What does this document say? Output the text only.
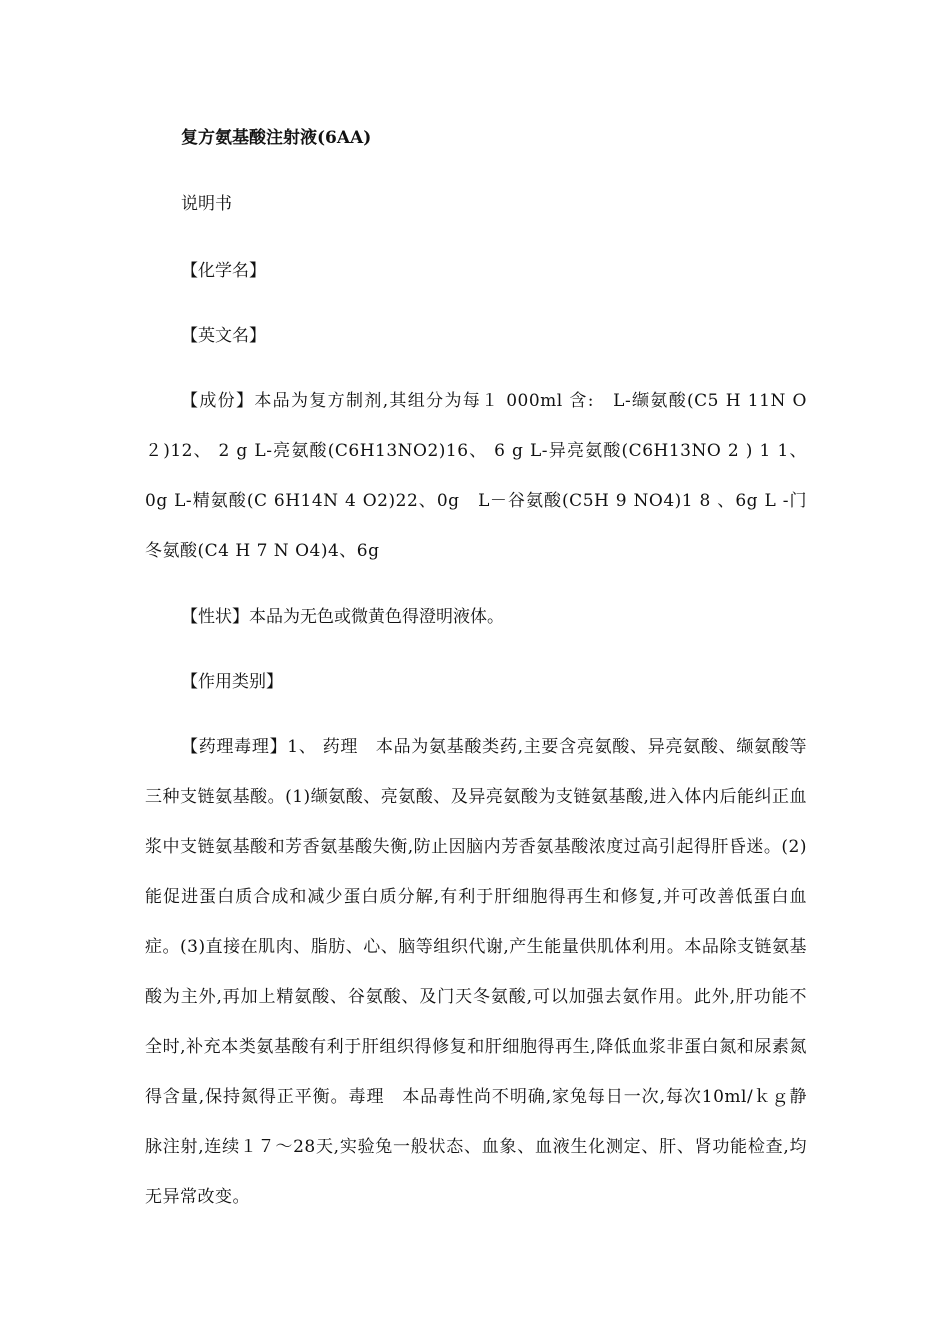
复方氨基酸注射液(6AA)
说明书
【化学名】
【英文名】
【成份】本品为复方制剂,其组分为每１ 000ml 含:　L-缬氨酸(C5 H 11N O２)12、 2 g L-亮氨酸(C6H13NO2)16、 6 g L-异亮氨酸(C6H13NO 2 ) 1 1、0g L-精氨酸(C 6H14N 4 O2)22、0g　L－谷氨酸(C5H 9 NO4)1 8 、6g L -门冬氨酸(C4 H 7 N O4)4、6g
【性状】本品为无色或微黄色得澄明液体。
【作用类别】
【药理毒理】1、 药理　本品为氨基酸类药,主要含亮氨酸、异亮氨酸、缬氨酸等三种支链氨基酸。(1)缬氨酸、亮氨酸、及异亮氨酸为支链氨基酸,进入体内后能纠正血浆中支链氨基酸和芳香氨基酸失衡,防止因脑内芳香氨基酸浓度过高引起得肝昏迷。(2)能促进蛋白质合成和减少蛋白质分解,有利于肝细胞得再生和修复,并可改善低蛋白血症。(3)直接在肌肉、脂肪、心、脑等组织代谢,产生能量供肌体利用。本品除支链氨基酸为主外,再加上精氨酸、谷氨酸、及门天冬氨酸,可以加强去氨作用。此外,肝功能不全时,补充本类氨基酸有利于肝组织得修复和肝细胞得再生,降低血浆非蛋白氮和尿素氮得含量,保持氮得正平衡。毒理　本品毒性尚不明确,家兔每日一次,每次10ml/ｋｇ静脉注射,连续１７～28天,实验兔一般状态、血象、血液生化测定、肝、肾功能检查,均无异常改变。
